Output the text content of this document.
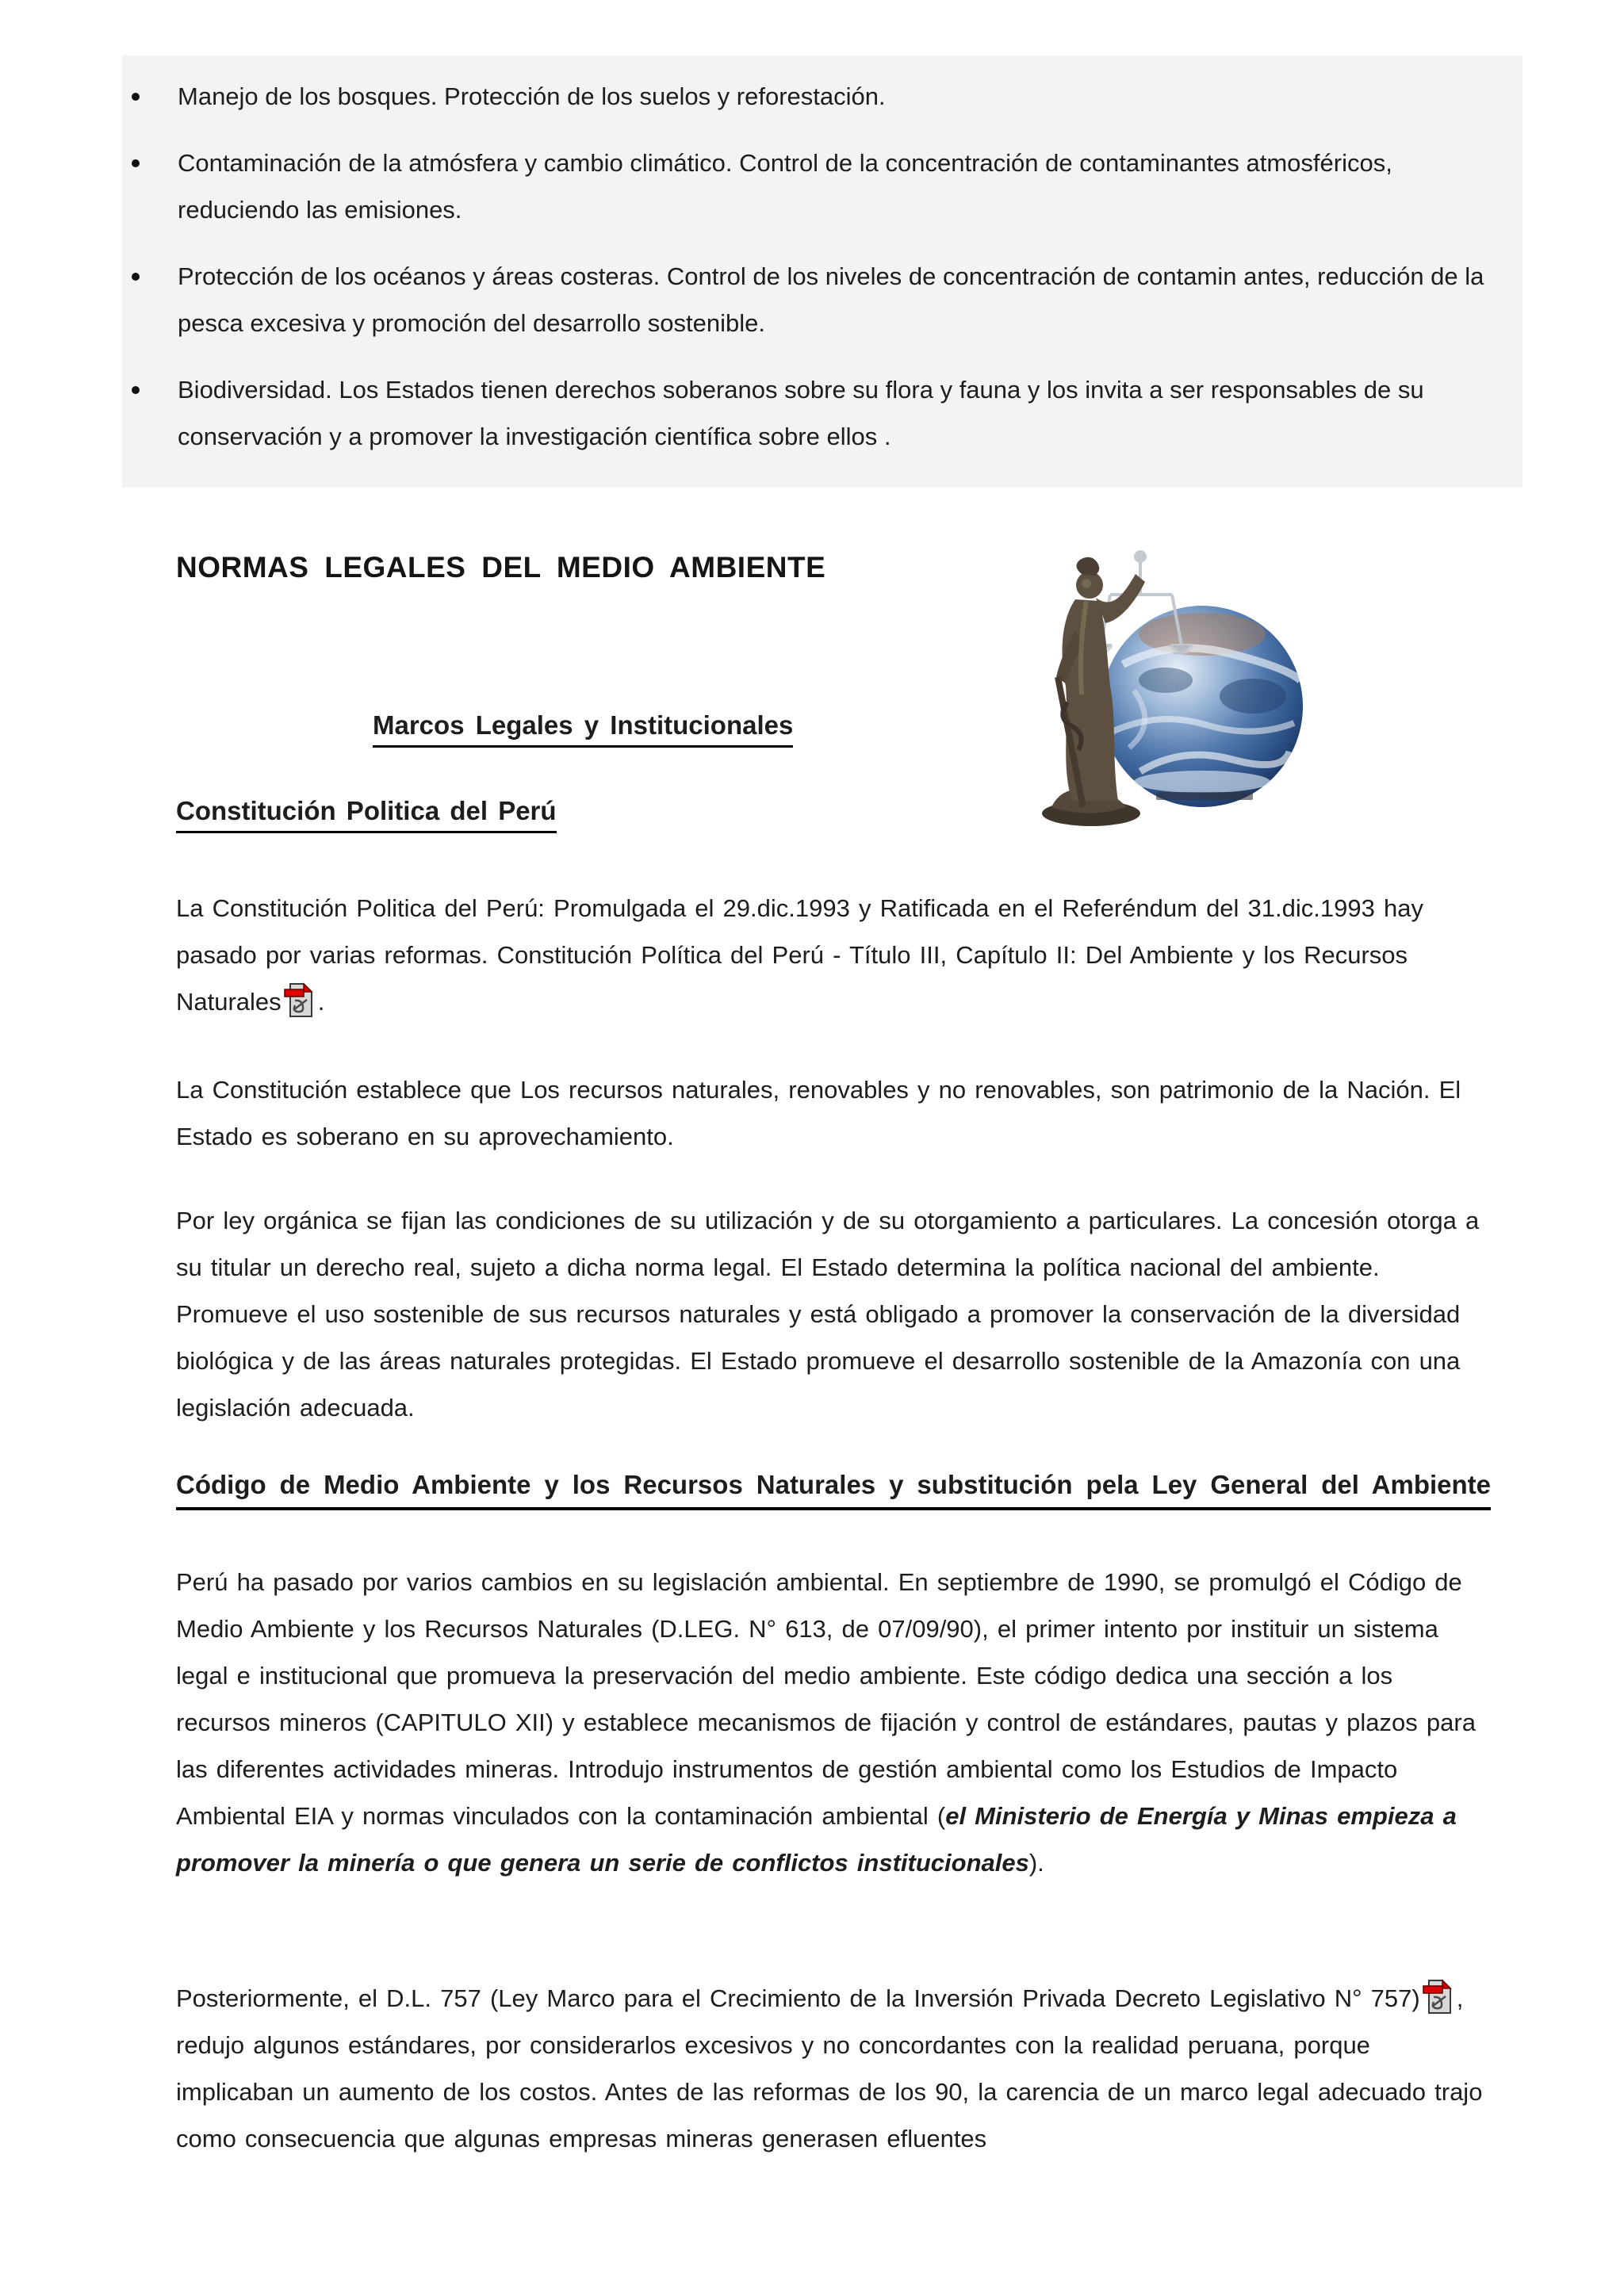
Manejo de los bosques. Protección de los suelos y reforestación.
Contaminación de la atmósfera y cambio climático. Control de la concentración de contaminantes atmosféricos, reduciendo las emisiones.
Protección de los océanos y áreas costeras. Control de los niveles de concentración de contamin antes, reducción de la pesca excesiva y promoción del desarrollo sostenible.
Biodiversidad. Los Estados tienen derechos soberanos sobre su flora y fauna y los invita a ser responsables de su conservación y a promover la investigación científica sobre ellos .
NORMAS LEGALES DEL MEDIO AMBIENTE
Marcos Legales y Institucionales
Constitución Politica del Perú

La Constitución Politica del Perú: Promulgada el 29.dic.1993 y Ratificada en el Referéndum del 31.dic.1993 hay pasado por varias reformas. Constitución Política del Perú - Título III, Capítulo II: Del Ambiente y los Recursos Naturales .

La Constitución establece que Los recursos naturales, renovables y no renovables, son patrimonio de la Nación. El Estado es soberano en su aprovechamiento.

Por ley orgánica se fijan las condiciones de su utilización y de su otorgamiento a particulares. La concesión otorga a su titular un derecho real, sujeto a dicha norma legal. El Estado determina la política nacional del ambiente. Promueve el uso sostenible de sus recursos naturales y está obligado a promover la conservación de la diversidad biológica y de las áreas naturales protegidas. El Estado promueve el desarrollo sostenible de la Amazonía con una legislación adecuada.

Código de Medio Ambiente y los Recursos Naturales y substitución pela Ley General del Ambiente

Perú ha pasado por varios cambios en su legislación ambiental. En septiembre de 1990, se promulgó el Código de Medio Ambiente y los Recursos Naturales (D.LEG. N° 613, de 07/09/90), el primer intento por instituir un sistema legal e institucional que promueva la preservación del medio ambiente. Este código dedica una sección a los recursos mineros (CAPITULO XII) y establece mecanismos de fijación y control de estándares, pautas y plazos para las diferentes actividades mineras. Introdujo instrumentos de gestión ambiental como los Estudios de Impacto Ambiental EIA y normas vinculados con la contaminación ambiental (el Ministerio de Energía y Minas empieza a promover la minería o que genera un serie de conflictos institucionales).

Posteriormente, el D.L. 757 (Ley Marco para el Crecimiento de la Inversión Privada Decreto Legislativo N° 757) , redujo algunos estándares, por considerarlos excesivos y no concordantes con la realidad peruana, porque implicaban un aumento de los costos. Antes de las reformas de los 90, la carencia de un marco legal adecuado trajo como consecuencia que algunas empresas mineras generasen efluentes
